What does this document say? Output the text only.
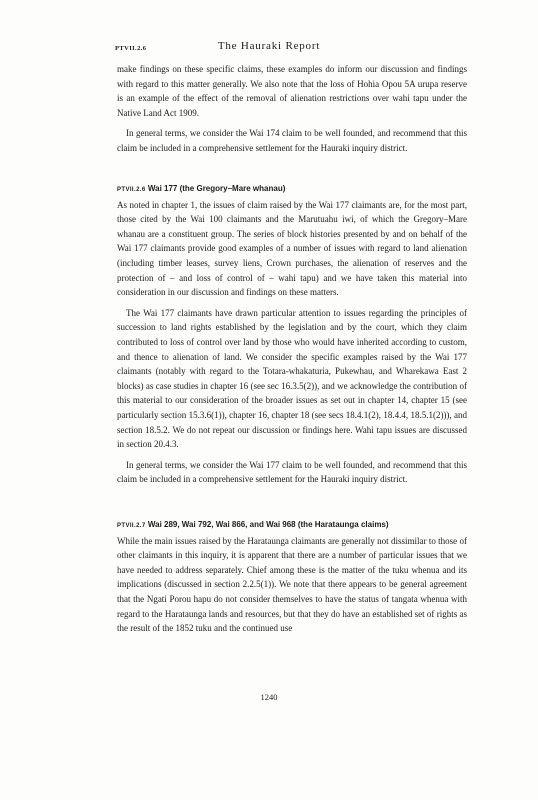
PTVII.2.6	The Hauraki Report

make findings on these specific claims, these examples do inform our discussion and findings with regard to this matter generally. We also note that the loss of Hohia Opou 5A urupa reserve is an example of the effect of the removal of alienation restrictions over wahi tapu under the Native Land Act 1909.

In general terms, we consider the Wai 174 claim to be well founded, and recommend that this claim be included in a comprehensive settlement for the Hauraki inquiry district.

PTVII.2.6 Wai 177 (the Gregory–Mare whanau)

As noted in chapter 1, the issues of claim raised by the Wai 177 claimants are, for the most part, those cited by the Wai 100 claimants and the Marutuahu iwi, of which the Gregory–Mare whanau are a constituent group. The series of block histories presented by and on behalf of the Wai 177 claimants provide good examples of a number of issues with regard to land alienation (including timber leases, survey liens, Crown purchases, the alienation of reserves and the protection of – and loss of control of – wahi tapu) and we have taken this material into consideration in our discussion and findings on these matters.

The Wai 177 claimants have drawn particular attention to issues regarding the principles of succession to land rights established by the legislation and by the court, which they claim contributed to loss of control over land by those who would have inherited according to custom, and thence to alienation of land. We consider the specific examples raised by the Wai 177 claimants (notably with regard to the Totara-whakaturia, Pukewhau, and Wharekawa East 2 blocks) as case studies in chapter 16 (see sec 16.3.5(2)), and we acknowledge the contribution of this material to our consideration of the broader issues as set out in chapter 14, chapter 15 (see particularly section 15.3.6(1)), chapter 16, chapter 18 (see secs 18.4.1(2), 18.4.4, 18.5.1(2))), and section 18.5.2. We do not repeat our discussion or findings here. Wahi tapu issues are discussed in section 20.4.3.

In general terms, we consider the Wai 177 claim to be well founded, and recommend that this claim be included in a comprehensive settlement for the Hauraki inquiry district.

PTVII.2.7 Wai 289, Wai 792, Wai 866, and Wai 968 (the Harataunga claims)

While the main issues raised by the Harataunga claimants are generally not dissimilar to those of other claimants in this inquiry, it is apparent that there are a number of particular issues that we have needed to address separately. Chief among these is the matter of the tuku whenua and its implications (discussed in section 2.2.5(1)). We note that there appears to be general agreement that the Ngati Porou hapu do not consider themselves to have the status of tangata whenua with regard to the Harataunga lands and resources, but that they do have an established set of rights as the result of the 1852 tuku and the continued use

1240
